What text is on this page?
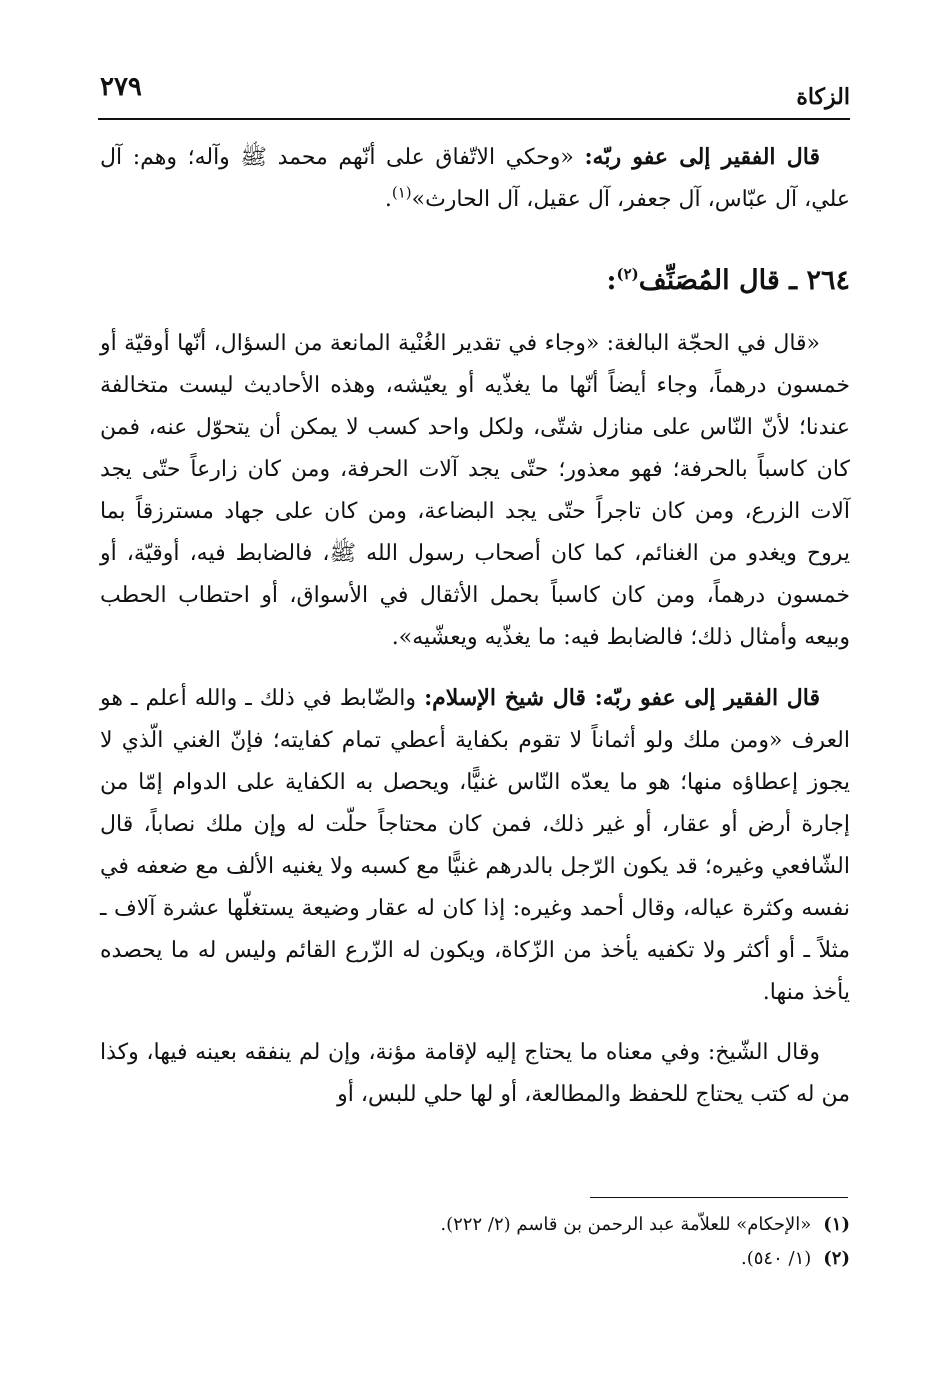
٢٧٩	الزكاة

قال الفقير إلى عفو ربّه: «وحكي الاتّفاق على أنّهم محمد ﷺ وآله؛ وهم: آل علي، آل عبّاس، آل جعفر، آل عقيل، آل الحارث»$^{(١)}$.

٢٦٤ ـ قال المُصَنِّف$^{(٢)}$:

«قال في الحجّة البالغة: «وجاء في تقدير الغُنْية المانعة من السؤال، أنّها أوقيّة أو خمسون درهماً، وجاء أيضاً أنّها ما يغذّيه أو يعيّشه، وهذه الأحاديث ليست متخالفة عندنا؛ لأنّ النّاس على منازل شتّى، ولكل واحد كسب لا يمكن أن يتحوّل عنه، فمن كان كاسباً بالحرفة؛ فهو معذور؛ حتّى يجد آلات الحرفة، ومن كان زارعاً حتّى يجد آلات الزرع، ومن كان تاجراً حتّى يجد البضاعة، ومن كان على جهاد مسترزقاً بما يروح ويغدو من الغنائم، كما كان أصحاب رسول الله ﷺ، فالضابط فيه، أوقيّة، أو خمسون درهماً، ومن كان كاسباً بحمل الأثقال في الأسواق، أو احتطاب الحطب وبيعه وأمثال ذلك؛ فالضابط فيه: ما يغذّيه ويعشّيه».

قال الفقير إلى عفو ربّه: قال شيخ الإسلام: والضّابط في ذلك ـ والله أعلم ـ هو العرف «ومن ملك ولو أثماناً لا تقوم بكفاية أعطي تمام كفايته؛ فإنّ الغني الّذي لا يجوز إعطاؤه منها؛ هو ما يعدّه النّاس غنيًّا، ويحصل به الكفاية على الدوام إمّا من إجارة أرض أو عقار، أو غير ذلك، فمن كان محتاجاً حلّت له وإن ملك نصاباً، قال الشّافعي وغيره؛ قد يكون الرّجل بالدرهم غنيًّا مع كسبه ولا يغنيه الألف مع ضعفه في نفسه وكثرة عياله، وقال أحمد وغيره: إذا كان له عقار وضيعة يستغلّها عشرة آلاف ـ مثلاً ـ أو أكثر ولا تكفيه يأخذ من الزّكاة، ويكون له الزّرع القائم وليس له ما يحصده يأخذ منها.

وقال الشّيخ: وفي معناه ما يحتاج إليه لإقامة مؤنة، وإن لم ينفقه بعينه فيها، وكذا من له كتب يحتاج للحفظ والمطالعة، أو لها حلي للبس، أو

(١)«الإحكام» للعلاّمة عبد الرحمن بن قاسم (٢/ ٢٢٢).

(٢)(١/ ٥٤٠).
